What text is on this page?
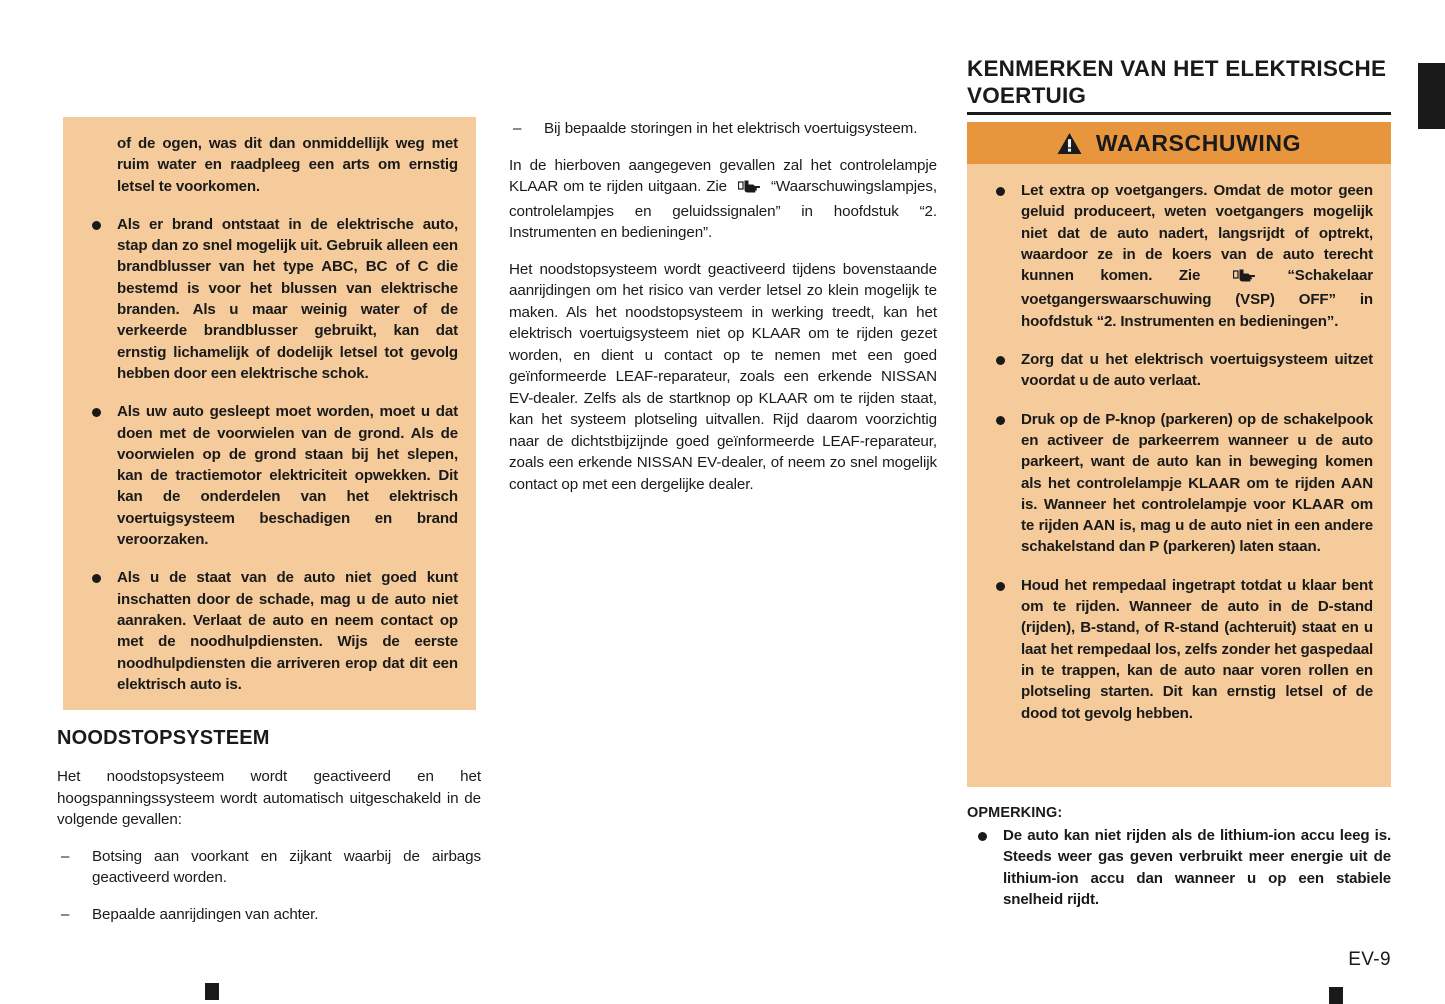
of de ogen, was dit dan onmiddellijk weg met ruim water en raadpleeg een arts om ernstig letsel te voorkomen.
Als er brand ontstaat in de elektrische auto, stap dan zo snel mogelijk uit. Gebruik alleen een brandblusser van het type ABC, BC of C die bestemd is voor het blussen van elektrische branden. Als u maar weinig water of de verkeerde brandblusser gebruikt, kan dat ernstig lichamelijk of dodelijk letsel tot gevolg hebben door een elektrische schok.
Als uw auto gesleept moet worden, moet u dat doen met de voorwielen van de grond. Als de voorwielen op de grond staan bij het slepen, kan de tractiemotor elektriciteit opwekken. Dit kan de onderdelen van het elektrisch voertuigsysteem beschadigen en brand veroorzaken.
Als u de staat van de auto niet goed kunt inschatten door de schade, mag u de auto niet aanraken. Verlaat de auto en neem contact op met de noodhulpdiensten. Wijs de eerste noodhulpdiensten die arriveren erop dat dit een elektrisch auto is.
NOODSTOPSYSTEEM

Het noodstopsysteem wordt geactiveerd en het hoogspanningssysteem wordt automatisch uitgeschakeld in de volgende gevallen:

– Botsing aan voorkant en zijkant waarbij de airbags geactiveerd worden.
– Bepaalde aanrijdingen van achter.
– Bij bepaalde storingen in het elektrisch voertuigsysteem.

In de hierboven aangegeven gevallen zal het controlelampje KLAAR om te rijden uitgaan. Zie	“Waarschuwingslampjes, controlelampjes en geluidssignalen” in hoofdstuk “2. Instrumenten en bedieningen”.

Het noodstopsysteem wordt geactiveerd tijdens bovenstaande aanrijdingen om het risico van verder letsel zo klein mogelijk te maken. Als het noodstopsysteem in werking treedt, kan het elektrisch voertuigsysteem niet op KLAAR om te rijden gezet worden, en dient u contact op te nemen met een goed geïnformeerde LEAF-reparateur, zoals een erkende NISSAN EV-dealer. Zelfs als de startknop op KLAAR om te rijden staat, kan het systeem plotseling uitvallen. Rijd daarom voorzichtig naar de dichtstbijzijnde goed geïnformeerde LEAF-reparateur, zoals een erkende NISSAN EV-dealer, of neem zo snel mogelijk contact op met een dergelijke dealer.

KENMERKEN VAN HET ELEKTRISCHE VOERTUIG
WAARSCHUWING
Let extra op voetgangers. Omdat de motor geen geluid produceert, weten voetgangers mogelijk niet dat de auto nadert, langsrijdt of optrekt, waardoor ze in de koers van de auto terecht kunnen komen. Zie	“Schakelaar voetgangerswaarschuwing (VSP) OFF” in hoofdstuk “2. Instrumenten en bedieningen”.
Zorg dat u het elektrisch voertuigsysteem uitzet voordat u de auto verlaat.
Druk op de P-knop (parkeren) op de schakelpook en activeer de parkeerrem wanneer u de auto parkeert, want de auto kan in beweging komen als het controlelampje KLAAR om te rijden AAN is. Wanneer het controlelampje voor KLAAR om te rijden AAN is, mag u de auto niet in een andere schakelstand dan P (parkeren) laten staan.
Houd het rempedaal ingetrapt totdat u klaar bent om te rijden. Wanneer de auto in de D-stand (rijden), B-stand, of R-stand (achteruit) staat en u laat het rempedaal los, zelfs zonder het gaspedaal in te trappen, kan de auto naar voren rollen en plotseling starten. Dit kan ernstig letsel of de dood tot gevolg hebben.

OPMERKING:

De auto kan niet rijden als de lithium-ion accu leeg is. Steeds weer gas geven verbruikt meer energie uit de lithium-ion accu dan wanneer u op een stabiele snelheid rijdt.
EV-9
